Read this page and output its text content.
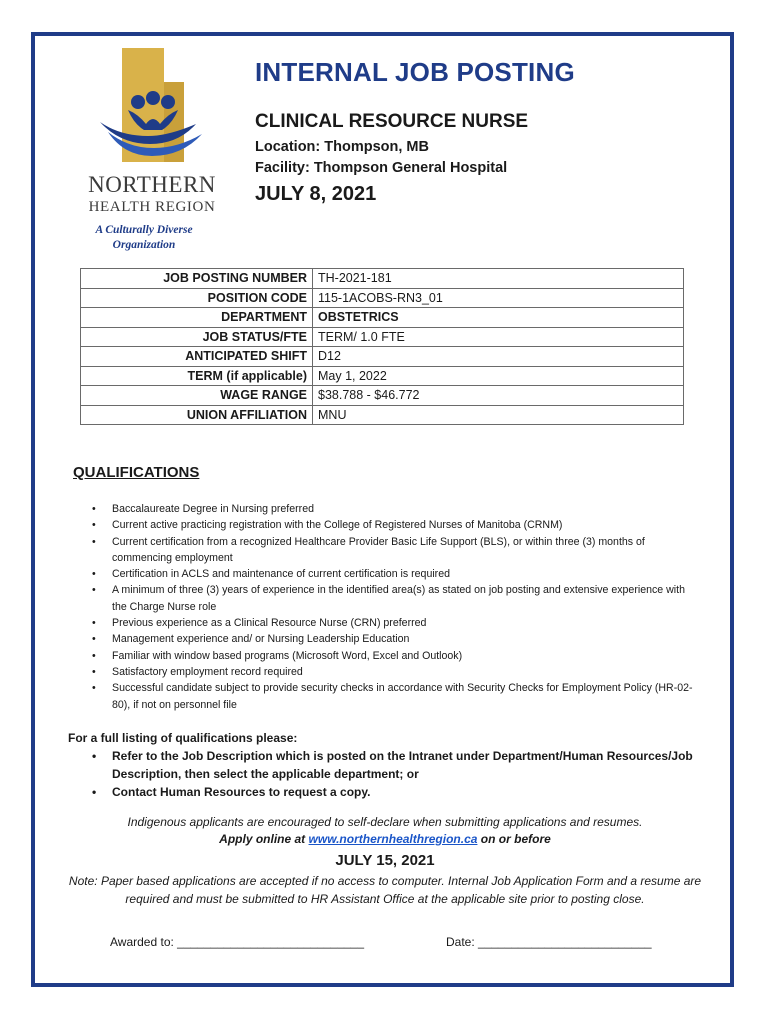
NORTHERN
HEALTH REGION
A Culturally Diverse
Organization
INTERNAL JOB POSTING
CLINICAL RESOURCE NURSE
Location: Thompson, MB
Facility: Thompson General Hospital
JULY 8, 2021
JOB POSTING NUMBER	TH-2021-181
POSITION CODE	115-1ACOBS-RN3_01
DEPARTMENT	OBSTETRICS
JOB STATUS/FTE	TERM/ 1.0 FTE
ANTICIPATED SHIFT	D12
TERM (if applicable)	May 1, 2022
WAGE RANGE	$38.788 - $46.772
UNION AFFILIATION	MNU
QUALIFICATIONS
• Baccalaureate Degree in Nursing preferred
• Current active practicing registration with the College of Registered Nurses of Manitoba (CRNM)
• Current certification from a recognized Healthcare Provider Basic Life Support (BLS), or within three (3) months of commencing employment
• Certification in ACLS and maintenance of current certification is required
• A minimum of three (3) years of experience in the identified area(s) as stated on job posting and extensive experience with the Charge Nurse role
• Previous experience as a Clinical Resource Nurse (CRN) preferred
• Management experience and/ or Nursing Leadership Education
• Familiar with window based programs (Microsoft Word, Excel and Outlook)
• Satisfactory employment record required
• Successful candidate subject to provide security checks in accordance with Security Checks for Employment Policy (HR-02-80), if not on personnel file
For a full listing of qualifications please:
• Refer to the Job Description which is posted on the Intranet under Department/Human Resources/Job Description, then select the applicable department; or
• Contact Human Resources to request a copy.
Indigenous applicants are encouraged to self-declare when submitting applications and resumes.
Apply online at www.northernhealthregion.ca on or before
JULY 15, 2021
Note: Paper based applications are accepted if no access to computer. Internal Job Application Form and a resume are required and must be submitted to HR Assistant Office at the applicable site prior to posting close.
Awarded to: ____________________________	Date: __________________________
